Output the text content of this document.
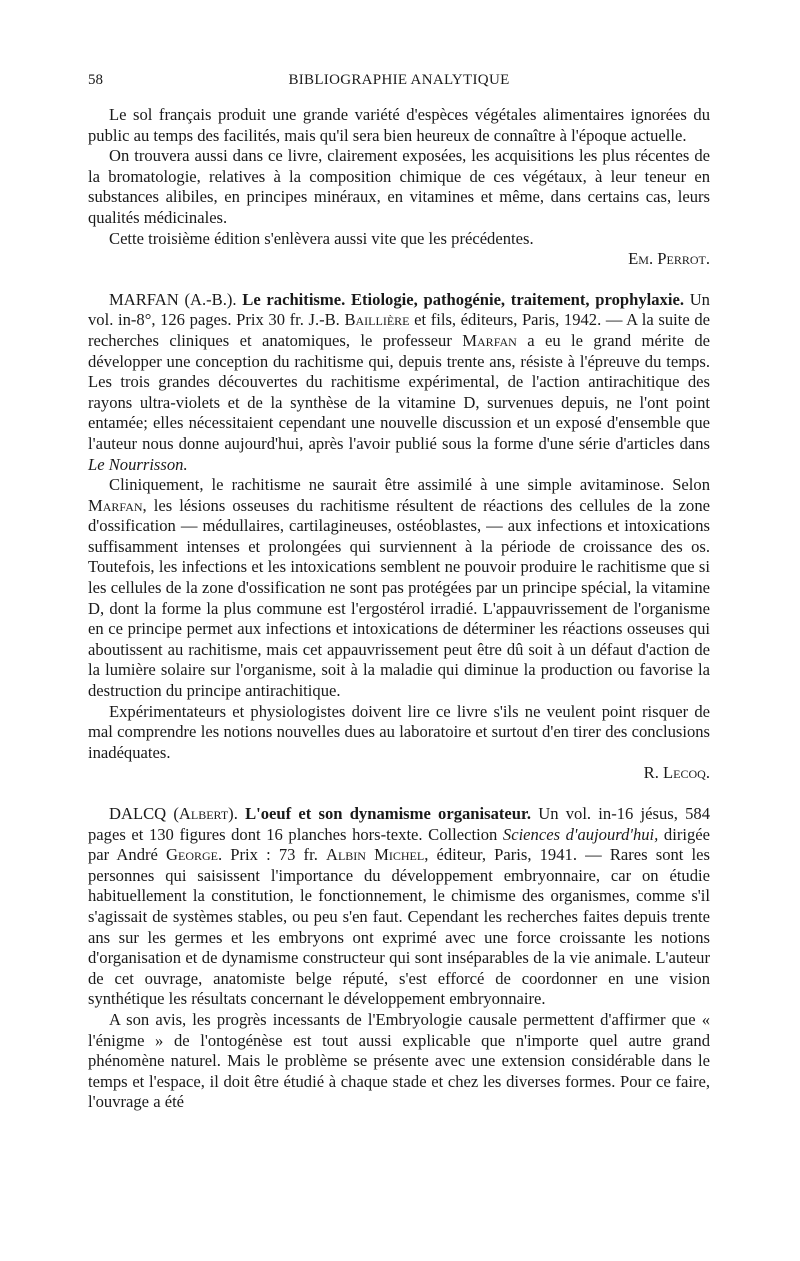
58	BIBLIOGRAPHIE ANALYTIQUE

Le sol français produit une grande variété d'espèces végétales alimentaires ignorées du public au temps des facilités, mais qu'il sera bien heureux de connaître à l'époque actuelle.

On trouvera aussi dans ce livre, clairement exposées, les acquisitions les plus récentes de la bromatologie, relatives à la composition chimique de ces végétaux, à leur teneur en substances alibiles, en principes minéraux, en vitamines et même, dans certains cas, leurs qualités médicinales.

Cette troisième édition s'enlèvera aussi vite que les précédentes.

Em. Perrot.

MARFAN (A.-B.). Le rachitisme. Etiologie, pathogénie, traitement, prophylaxie. Un vol. in-8°, 126 pages. Prix 30 fr. J.-B. Baillière et fils, éditeurs, Paris, 1942. — A la suite de recherches cliniques et anatomiques, le professeur Marfan a eu le grand mérite de développer une conception du rachitisme qui, depuis trente ans, résiste à l'épreuve du temps. Les trois grandes découvertes du rachitisme expérimental, de l'action antirachitique des rayons ultra-violets et de la synthèse de la vitamine D, survenues depuis, ne l'ont point entamée; elles nécessitaient cependant une nouvelle discussion et un exposé d'ensemble que l'auteur nous donne aujourd'hui, après l'avoir publié sous la forme d'une série d'articles dans Le Nourrisson.

Cliniquement, le rachitisme ne saurait être assimilé à une simple avitaminose. Selon Marfan, les lésions osseuses du rachitisme résultent de réactions des cellules de la zone d'ossification — médullaires, cartilagineuses, ostéoblastes, — aux infections et intoxications suffisamment intenses et prolongées qui surviennent à la période de croissance des os. Toutefois, les infections et les intoxications semblent ne pouvoir produire le rachitisme que si les cellules de la zone d'ossification ne sont pas protégées par un principe spécial, la vitamine D, dont la forme la plus commune est l'ergostérol irradié. L'appauvrissement de l'organisme en ce principe permet aux infections et intoxications de déterminer les réactions osseuses qui aboutissent au rachitisme, mais cet appauvrissement peut être dû soit à un défaut d'action de la lumière solaire sur l'organisme, soit à la maladie qui diminue la production ou favorise la destruction du principe antirachitique.

Expérimentateurs et physiologistes doivent lire ce livre s'ils ne veulent point risquer de mal comprendre les notions nouvelles dues au laboratoire et surtout d'en tirer des conclusions inadéquates.

R. Lecoq.

DALCQ (Albert). L'oeuf et son dynamisme organisateur. Un vol. in-16 jésus, 584 pages et 130 figures dont 16 planches hors-texte. Collection Sciences d'aujourd'hui, dirigée par André George. Prix : 73 fr. Albin Michel, éditeur, Paris, 1941. — Rares sont les personnes qui saisissent l'importance du développement embryonnaire, car on étudie habituellement la constitution, le fonctionnement, le chimisme des organismes, comme s'il s'agissait de systèmes stables, ou peu s'en faut. Cependant les recherches faites depuis trente ans sur les germes et les embryons ont exprimé avec une force croissante les notions d'organisation et de dynamisme constructeur qui sont inséparables de la vie animale. L'auteur de cet ouvrage, anatomiste belge réputé, s'est efforcé de coordonner en une vision synthétique les résultats concernant le développement embryonnaire.

A son avis, les progrès incessants de l'Embryologie causale permettent d'affirmer que « l'énigme » de l'ontogénèse est tout aussi explicable que n'importe quel autre grand phénomène naturel. Mais le problème se présente avec une extension considérable dans le temps et l'espace, il doit être étudié à chaque stade et chez les diverses formes. Pour ce faire, l'ouvrage a été
